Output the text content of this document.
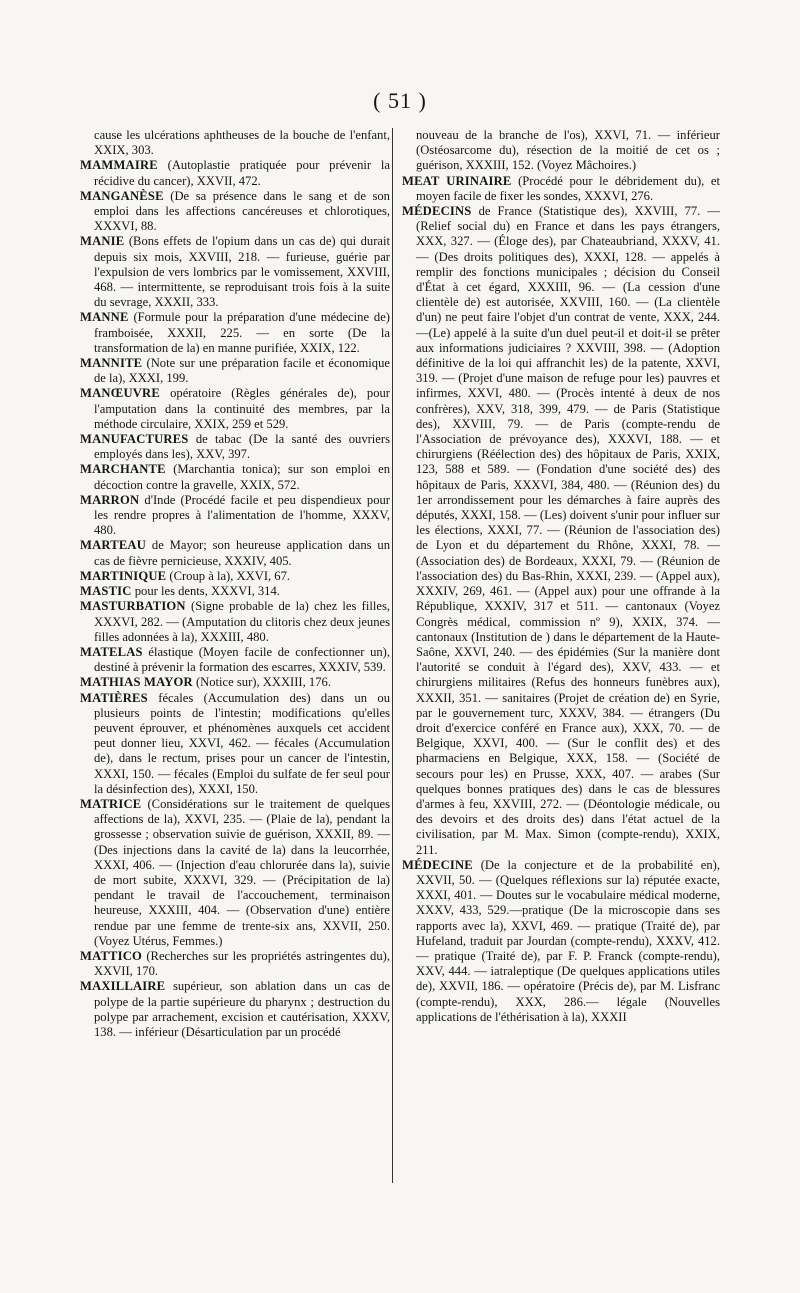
( 51 )

cause les ulcérations aphtheuses de la bouche de l'enfant, XXIX, 303.

MAMMAIRE (Autoplastie pratiquée pour prévenir la récidive du cancer), XXVII, 472.

MANGANÈSE (De sa présence dans le sang et de son emploi dans les affections cancéreuses et chlorotiques, XXXVI, 88.

MANIE (Bons effets de l'opium dans un cas de) qui durait depuis six mois, XXVIII, 218. — furieuse, guérie par l'expulsion de vers lombrics par le vomissement, XXVIII, 468. — intermittente, se reproduisant trois fois à la suite du sevrage, XXXII, 333.

MANNE (Formule pour la préparation d'une médecine de) framboisée, XXXII, 225. — en sorte (De la transformation de la) en manne purifiée, XXIX, 122.

MANNITE (Note sur une préparation facile et économique de la), XXXI, 199.

MANŒUVRE opératoire (Règles générales de), pour l'amputation dans la continuité des membres, par la méthode circulaire, XXIX, 259 et 529.

MANUFACTURES de tabac (De la santé des ouvriers employés dans les), XXV, 397.

MARCHANTE (Marchantia tonica); sur son emploi en décoction contre la gravelle, XXIX, 572.

MARRON d'Inde (Procédé facile et peu dispendieux pour les rendre propres à l'alimentation de l'homme, XXXV, 480.

MARTEAU de Mayor; son heureuse application dans un cas de fièvre pernicieuse, XXXIV, 405.

MARTINIQUE (Croup à la), XXVI, 67.

MASTIC pour les dents, XXXVI, 314.

MASTURBATION (Signe probable de la) chez les filles, XXXVI, 282. — (Amputation du clitoris chez deux jeunes filles adonnées à la), XXXIII, 480.

MATELAS élastique (Moyen facile de confectionner un), destiné à prévenir la formation des escarres, XXXIV, 539.

MATHIAS MAYOR (Notice sur), XXXIII, 176.

MATIÈRES fécales (Accumulation des) dans un ou plusieurs points de l'intestin; modifications qu'elles peuvent éprouver, et phénomènes auxquels cet accident peut donner lieu, XXVI, 462. — fécales (Accumulation de), dans le rectum, prises pour un cancer de l'intestin, XXXI, 150. — fécales (Emploi du sulfate de fer seul pour la désinfection des), XXXI, 150.

MATRICE (Considérations sur le traitement de quelques affections de la), XXVI, 235. — (Plaie de la), pendant la grossesse ; observation suivie de guérison, XXXII, 89. — (Des injections dans la cavité de la) dans la leucorrhée, XXXI, 406. — (Injection d'eau chlorurée dans la), suivie de mort subite, XXXVI, 329. — (Précipitation de la) pendant le travail de l'accouchement, terminaison heureuse, XXXIII, 404. — (Observation d'une) entière rendue par une femme de trente-six ans, XXVII, 250. (Voyez Utérus, Femmes.)

MATTICO (Recherches sur les propriétés astringentes du), XXVII, 170.

MAXILLAIRE supérieur, son ablation dans un cas de polype de la partie supérieure du pharynx ; destruction du polype par arrachement, excision et cautérisation, XXXV, 138. — inférieur (Désarticulation par un procédé

nouveau de la branche de l'os), XXVI, 71. — inférieur (Ostéosarcome du), résection de la moitié de cet os ; guérison, XXXIII, 152. (Voyez Mâchoires.)

MEAT URINAIRE (Procédé pour le débridement du), et moyen facile de fixer les sondes, XXXVI, 276.

MÉDECINS de France (Statistique des), XXVIII, 77. — (Relief social du) en France et dans les pays étrangers, XXX, 327. — (Éloge des), par Chateaubriand, XXXV, 41. — (Des droits politiques des), XXXI, 128. — appelés à remplir des fonctions municipales ; décision du Conseil d'État à cet égard, XXXIII, 96. — (La cession d'une clientèle de) est autorisée, XXVIII, 160. — (La clientèle d'un) ne peut faire l'objet d'un contrat de vente, XXX, 244.—(Le) appelé à la suite d'un duel peut-il et doit-il se prêter aux informations judiciaires ? XXVIII, 398. — (Adoption définitive de la loi qui affranchit les) de la patente, XXVI, 319. — (Projet d'une maison de refuge pour les) pauvres et infirmes, XXVI, 480. — (Procès intenté à deux de nos confrères), XXV, 318, 399, 479. — de Paris (Statistique des), XXVIII, 79. — de Paris (compte-rendu de l'Association de prévoyance des), XXXVI, 188. — et chirurgiens (Réélection des) des hôpitaux de Paris, XXIX, 123, 588 et 589. — (Fondation d'une société des) des hôpitaux de Paris, XXXVI, 384, 480. — (Réunion des) du 1er arrondissement pour les démarches à faire auprès des députés, XXXI, 158. — (Les) doivent s'unir pour influer sur les élections, XXXI, 77. — (Réunion de l'association des) de Lyon et du département du Rhône, XXXI, 78. — (Association des) de Bordeaux, XXXI, 79. — (Réunion de l'association des) du Bas-Rhin, XXXI, 239. — (Appel aux), XXXIV, 269, 461. — (Appel aux) pour une offrande à la République, XXXIV, 317 et 511. — cantonaux (Voyez Congrès médical, commission nº 9), XXIX, 374. — cantonaux (Institution de ) dans le département de la Haute-Saône, XXVI, 240. — des épidémies (Sur la manière dont l'autorité se conduit à l'égard des), XXV, 433. — et chirurgiens militaires (Refus des honneurs funèbres aux), XXXII, 351. — sanitaires (Projet de création de) en Syrie, par le gouvernement turc, XXXV, 384. — étrangers (Du droit d'exercice conféré en France aux), XXX, 70. — de Belgique, XXVI, 400. — (Sur le conflit des) et des pharmaciens en Belgique, XXX, 158. — (Société de secours pour les) en Prusse, XXX, 407. — arabes (Sur quelques bonnes pratiques des) dans le cas de blessures d'armes à feu, XXVIII, 272. — (Déontologie médicale, ou des devoirs et des droits des) dans l'état actuel de la civilisation, par M. Max. Simon (compte-rendu), XXIX, 211.

MÉDECINE (De la conjecture et de la probabilité en), XXVII, 50. — (Quelques réflexions sur la) réputée exacte, XXXI, 401. — Doutes sur le vocabulaire médical moderne, XXXV, 433, 529.—pratique (De la microscopie dans ses rapports avec la), XXVI, 469. — pratique (Traité de), par Hufeland, traduit par Jourdan (compte-rendu), XXXV, 412. — pratique (Traité de), par F. P. Franck (compte-rendu), XXV, 444. — iatraleptique (De quelques applications utiles de), XXVII, 186. — opératoire (Précis de), par M. Lisfranc (compte-rendu), XXX, 286.— légale (Nouvelles applications de l'éthérisation à la), XXXII
